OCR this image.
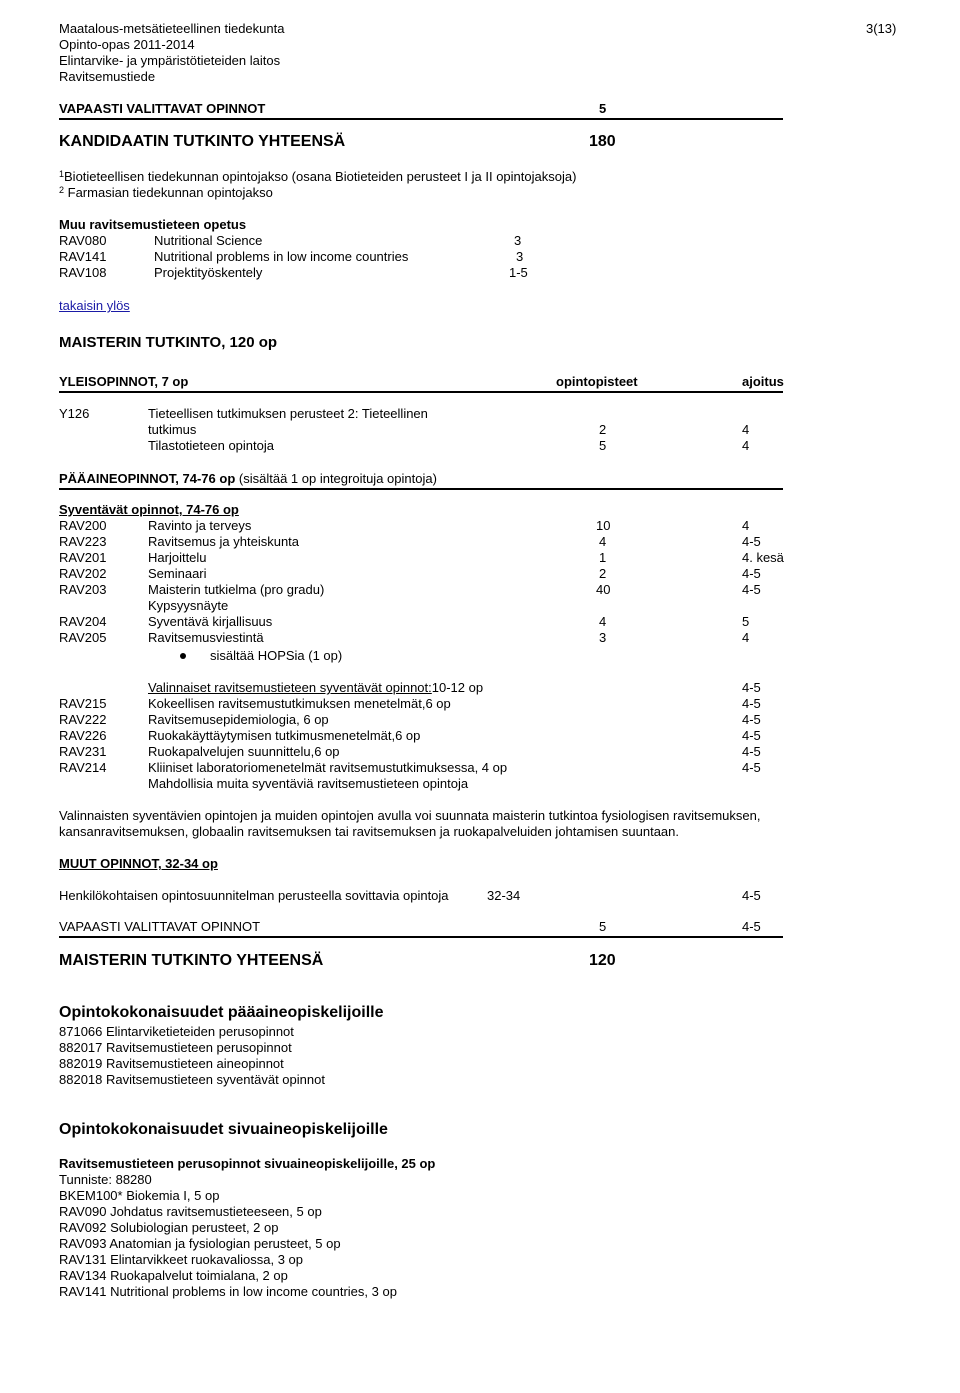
Maatalous-metsätieteellinen tiedekunta
Opinto-opas 2011-2014
Elintarvike- ja ympäristötieteiden laitos
Ravitsemustiede
3(13)
VAPAASTI VALITTAVAT OPINNOT	5
KANDIDAATIN TUTKINTO YHTEENSÄ	180
$^1$Biotieteellisen tiedekunnan opintojakso (osana Biotieteiden perusteet I ja II opintojaksoja)
$^2$ Farmasian tiedekunnan opintojakso
Muu ravitsemustieteen opetus
RAV080	Nutritional Science	3
RAV141	Nutritional problems in low income countries	3
RAV108	Projektityöskentely	1-5
takaisin ylös
MAISTERIN TUTKINTO, 120 op
YLEISOPINNOT, 7 op	opintopisteet	ajoitus
Y126	Tieteellisen tutkimuksen perusteet 2: Tieteellinen
tutkimus	2	4
Tilastotieteen opintoja	5	4
PÄÄAINEOPINNOT, 74-76 op (sisältää 1 op integroituja opintoja)
Syventävät opinnot, 74-76 op
RAV200	Ravinto ja terveys	10	4
RAV223	Ravitsemus ja yhteiskunta	4	4-5
RAV201	Harjoittelu	1	4. kesä
RAV202	Seminaari	2	4-5
RAV203	Maisterin tutkielma (pro gradu)	40	4-5
Kypsyysnäyte
RAV204	Syventävä kirjallisuus	4	5
RAV205	Ravitsemusviestintä	3	4
sisältää HOPSia (1 op)
Valinnaiset ravitsemustieteen syventävät opinnot:10-12 op	4-5
RAV215	Kokeellisen ravitsemustutkimuksen menetelmät,6 op	4-5
RAV222	Ravitsemusepidemiologia, 6 op	4-5
RAV226	Ruokakäyttäytymisen tutkimusmenetelmät,6 op	4-5
RAV231	Ruokapalvelujen suunnittelu,6 op	4-5
RAV214	Kliiniset laboratoriomenetelmät ravitsemustutkimuksessa, 4 op	4-5
Mahdollisia muita syventäviä ravitsemustieteen opintoja
Valinnaisten syventävien opintojen ja muiden opintojen avulla voi suunnata maisterin tutkintoa fysiologisen ravitsemuksen,
kansanravitsemuksen, globaalin ravitsemuksen tai ravitsemuksen ja ruokapalveluiden johtamisen suuntaan.
MUUT OPINNOT, 32-34 op
Henkilökohtaisen opintosuunnitelman perusteella sovittavia opintoja	32-34	4-5
VAPAASTI VALITTAVAT OPINNOT	5	4-5
MAISTERIN TUTKINTO YHTEENSÄ	120
Opintokokonaisuudet pääaineopiskelijoille
871066 Elintarviketieteiden perusopinnot
882017 Ravitsemustieteen perusopinnot
882019 Ravitsemustieteen aineopinnot
882018 Ravitsemustieteen syventävät opinnot
Opintokokonaisuudet sivuaineopiskelijoille
Ravitsemustieteen perusopinnot sivuaineopiskelijoille, 25 op
Tunniste: 88280
BKEM100* Biokemia I, 5 op
RAV090 Johdatus ravitsemustieteeseen, 5 op
RAV092 Solubiologian perusteet, 2 op
RAV093 Anatomian ja fysiologian perusteet, 5 op
RAV131 Elintarvikkeet ruokavaliossa, 3 op
RAV134 Ruokapalvelut toimialana, 2 op
RAV141 Nutritional problems in low income countries, 3 op
